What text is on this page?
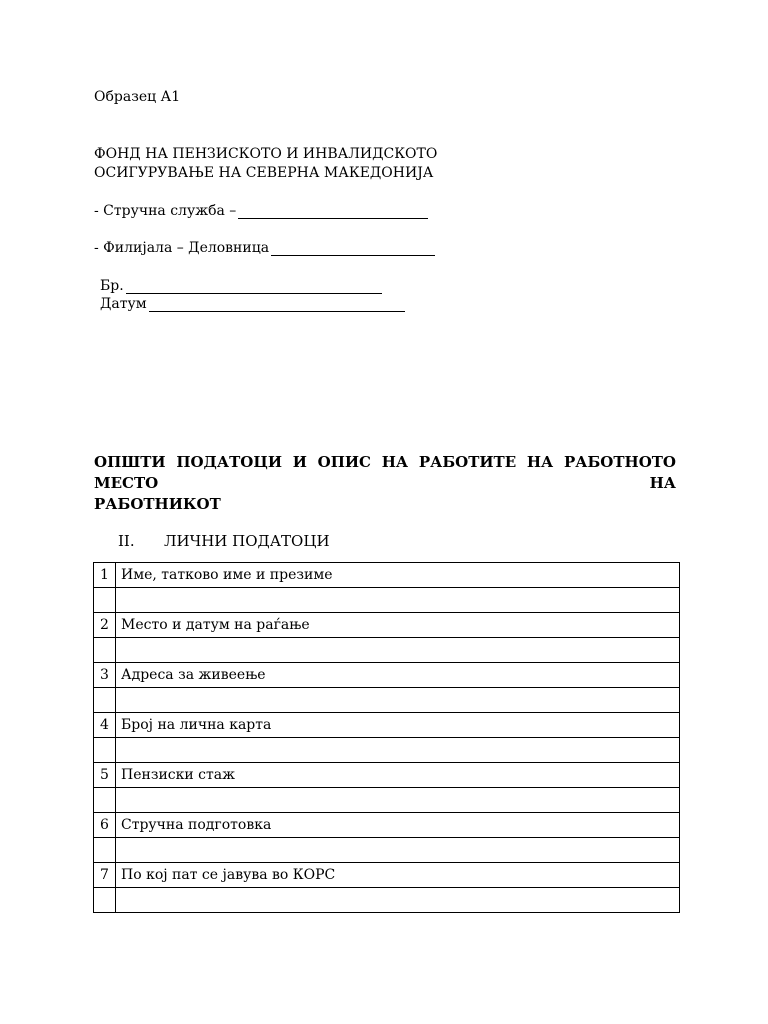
Образец А1
ФОНД НА ПЕНЗИСКОТО И ИНВАЛИДСКОТО
ОСИГУРУВАЊЕ НА СЕВЕРНА МАКЕДОНИЈА
- Стручна служба –
- Филијала – Деловница
Бр.
Датум
ОПШТИ ПОДАТОЦИ И ОПИС НА РАБОТИТЕ НА РАБОТНОТО МЕСТО НА
РАБОТНИКОТ
II. ЛИЧНИ ПОДАТОЦИ
1	Име, татково име и презиме

2	Место и датум на раѓање

3	Адреса за живеење

4	Број на лична карта

5	Пензиски стаж

6	Стручна подготовка

7	По кој пат се јавува во КОРС
